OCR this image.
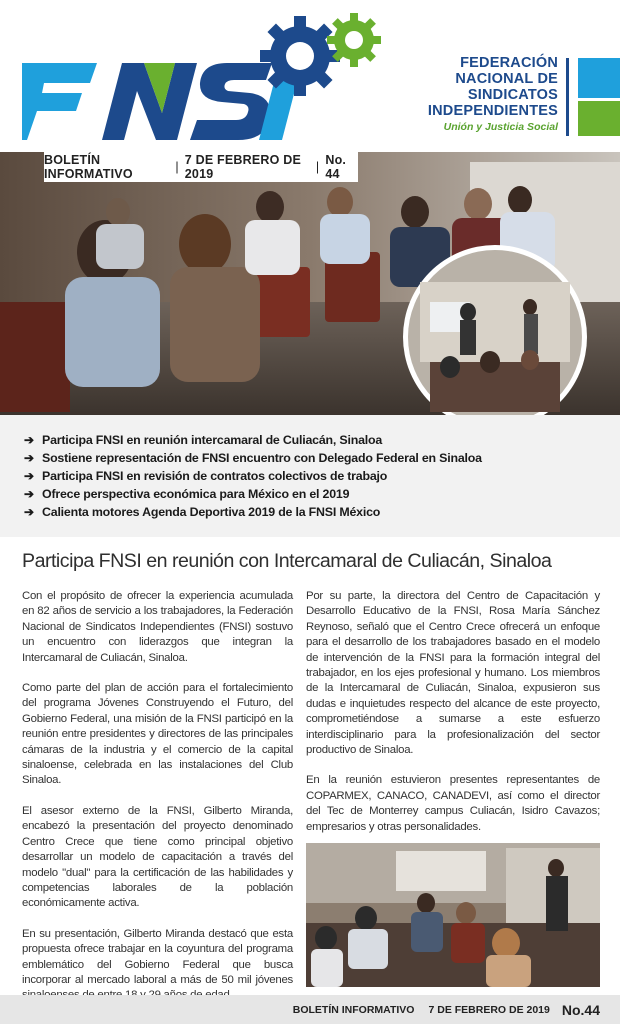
FEDERACIÓN
NACIONAL DE
SINDICATOS
INDEPENDIENTES
Unión y Justicia Social
BOLETÍN INFORMATIVO	| 7 DE FEBRERO DE 2019	| No. 44
➔ Participa FNSI en reunión intercamaral de Culiacán, Sinaloa
➔ Sostiene representación de FNSI encuentro con Delegado Federal en Sinaloa
➔ Participa FNSI en revisión de contratos colectivos de trabajo
➔ Ofrece perspectiva económica para México en el 2019
➔ Calienta motores Agenda Deportiva 2019 de la FNSI México
Participa FNSI en reunión con Intercamaral de Culiacán, Sinaloa

Con el propósito de ofrecer la experiencia acumulada en 82 años de servicio a los trabajadores, la Federación Nacional de Sindicatos Independientes (FNSI) sostuvo un encuentro con liderazgos que integran la Intercamaral de Culiacán, Sinaloa.

Como parte del plan de acción para el fortalecimiento del programa Jóvenes Construyendo el Futuro, del Gobierno Federal, una misión de la FNSI participó en la reunión entre presidentes y directores de las principales cámaras de la industria y el comercio de la capital sinaloense, celebrada en las instalaciones del Club Sinaloa.

El asesor externo de la FNSI, Gilberto Miranda, encabezó la presentación del proyecto denominado Centro Crece que tiene como principal objetivo desarrollar un modelo de capacitación a través del modelo "dual" para la certificación de las habilidades y competencias laborales de la población económicamente activa.

En su presentación, Gilberto Miranda destacó que esta propuesta ofrece trabajar en la coyuntura del programa emblemático del Gobierno Federal que busca incorporar al mercado laboral a más de 50 mil jóvenes

Por su parte, la directora del Centro de Capacitación y Desarrollo Educativo de la FNSI, Rosa María Sánchez Reynoso, señaló que el Centro Crece ofrecerá un enfoque para el desarrollo de los trabajadores basado en el modelo de intervención de la FNSI para la formación integral del trabajador, en los ejes profesional y humano. Los miembros de la Intercamaral de Culiacán, Sinaloa, expusieron sus dudas e inquietudes respecto del alcance de este proyecto, comprometiéndose a sumarse a este esfuerzo interdisciplinario para la profesionalización del sector productivo de Sinaloa.

En la reunión estuvieron presentes representantes de COPARMEX, CANACO, CANADEVI, así como el director del Tec de Monterrey campus Culiacán, Isidro Cavazos; empresarios y otras personalidades.

BOLETÍN INFORMATIVO 7 DE FEBRERO DE 2019 No.44
